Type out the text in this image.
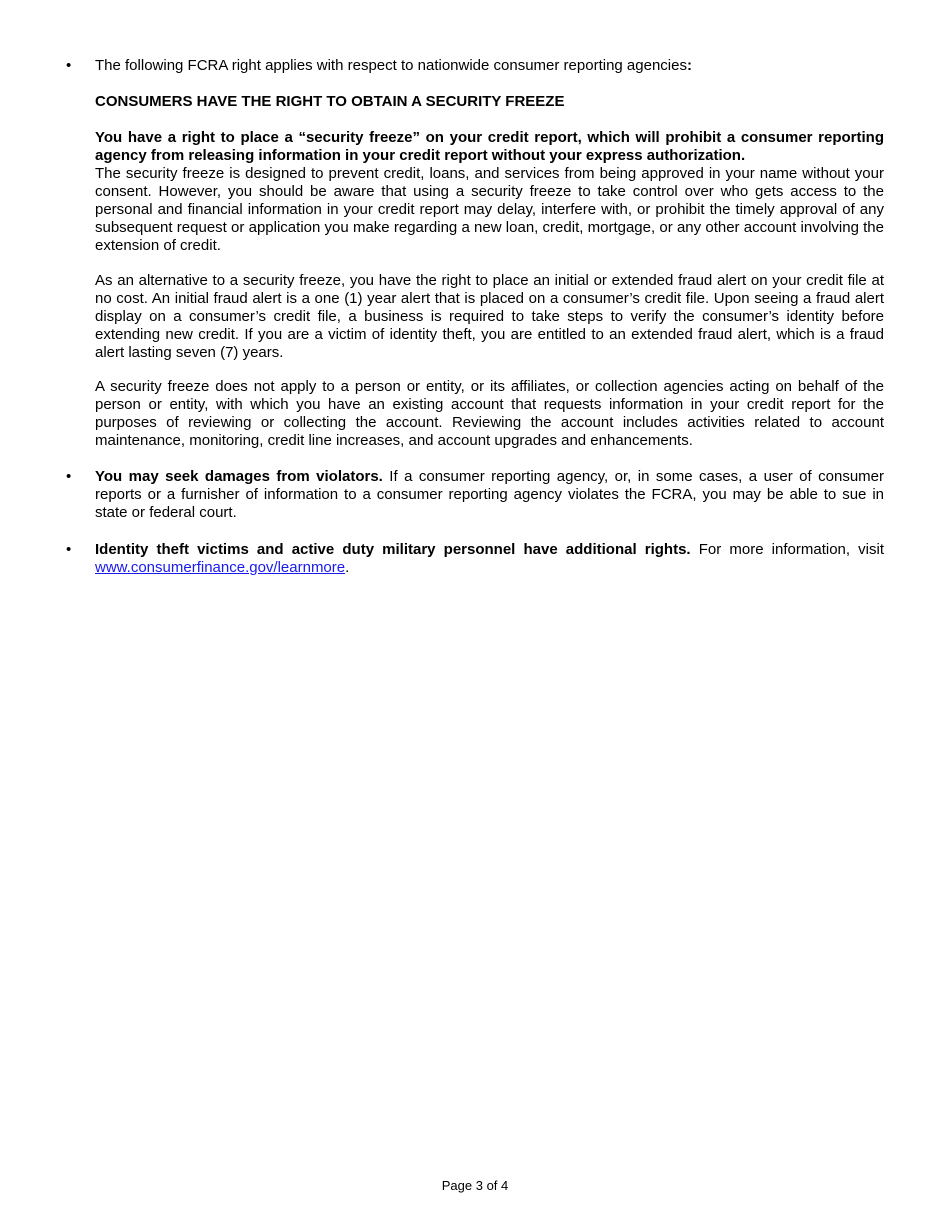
• The following FCRA right applies with respect to nationwide consumer reporting agencies:
CONSUMERS HAVE THE RIGHT TO OBTAIN A SECURITY FREEZE
You have a right to place a “security freeze” on your credit report, which will prohibit a consumer reporting agency from releasing information in your credit report without your express authorization.
The security freeze is designed to prevent credit, loans, and services from being approved in your name without your consent. However, you should be aware that using a security freeze to take control over who gets access to the personal and financial information in your credit report may delay, interfere with, or prohibit the timely approval of any subsequent request or application you make regarding a new loan, credit, mortgage, or any other account involving the extension of credit.
As an alternative to a security freeze, you have the right to place an initial or extended fraud alert on your credit file at no cost. An initial fraud alert is a one (1) year alert that is placed on a consumer’s credit file. Upon seeing a fraud alert display on a consumer’s credit file, a business is required to take steps to verify the consumer’s identity before extending new credit. If you are a victim of identity theft, you are entitled to an extended fraud alert, which is a fraud alert lasting seven (7) years.
A security freeze does not apply to a person or entity, or its affiliates, or collection agencies acting on behalf of the person or entity, with which you have an existing account that requests information in your credit report for the purposes of reviewing or collecting the account. Reviewing the account includes activities related to account maintenance, monitoring, credit line increases, and account upgrades and enhancements.
• You may seek damages from violators. If a consumer reporting agency, or, in some cases, a user of consumer reports or a furnisher of information to a consumer reporting agency violates the FCRA, you may be able to sue in state or federal court.
• Identity theft victims and active duty military personnel have additional rights. For more information, visit www.consumerfinance.gov/learnmore.
Page 3 of 4
